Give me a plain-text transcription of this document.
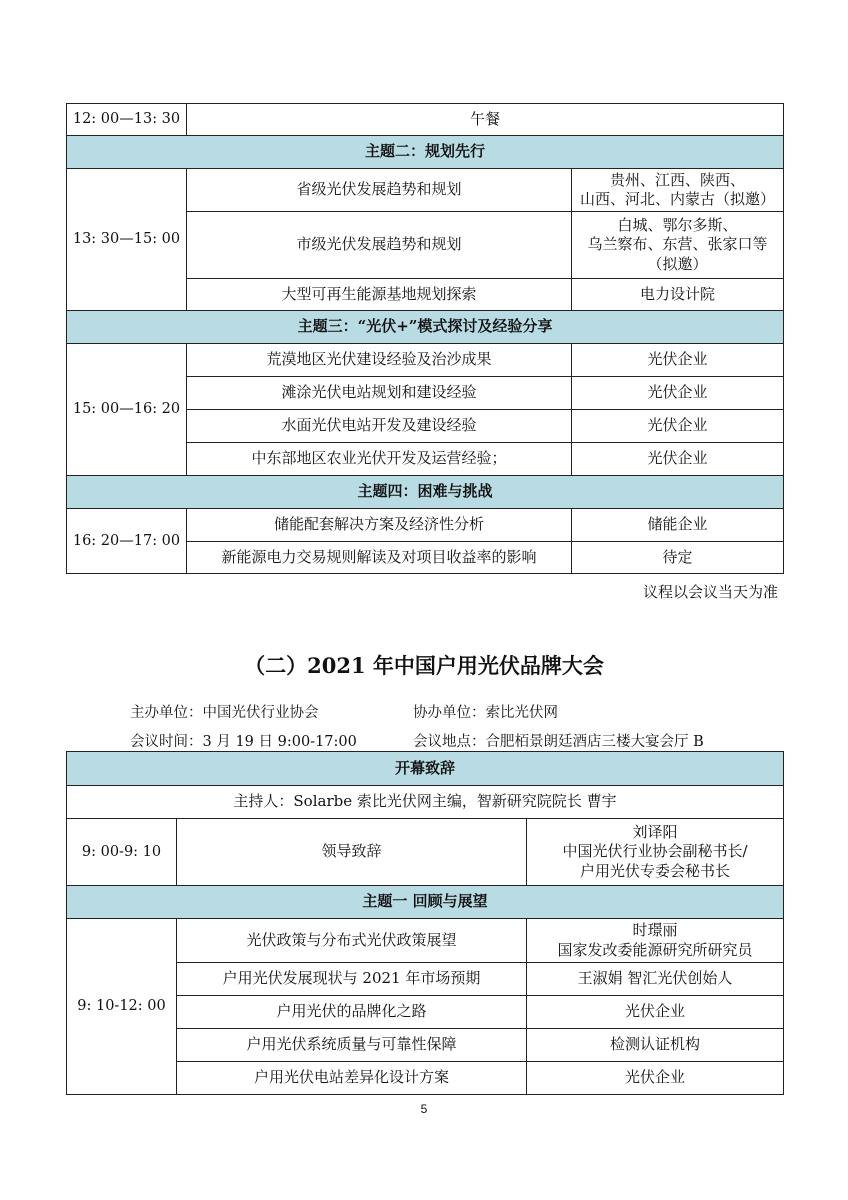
12: 00—13: 30	午餐	
主题二：规划先行		
13: 30—15: 00	省级光伏发展趋势和规划	贵州、江西、陕西、
山西、河北、内蒙古（拟邀）

	市级光伏发展趋势和规划	白城、鄂尔多斯、
乌兰察布、东营、张家口等
（拟邀）

	大型可再生能源基地规划探索	电力设计院
主题三：“光伏+”模式探讨及经验分享		
15: 00—16: 20	荒漠地区光伏建设经验及治沙成果	光伏企业
	滩涂光伏电站规划和建设经验	光伏企业
	水面光伏电站开发及建设经验	光伏企业
	中东部地区农业光伏开发及运营经验；	光伏企业
主题四：困难与挑战		
16: 20—17: 00	储能配套解决方案及经济性分析	储能企业
	新能源电力交易规则解读及对项目收益率的影响	待定
议程以会议当天为准
（二）2021 年中国户用光伏品牌大会
主办单位：中国光伏行业协会	协办单位：索比光伏网
会议时间：3 月 19 日 9:00-17:00	会议地点：合肥栢景朗廷酒店三楼大宴会厅 B
开幕致辞		
主持人：Solarbe 索比光伏网主编，智新研究院院长 曹宇		
9: 00-9: 10	领导致辞	刘译阳
中国光伏行业协会副秘书长/
户用光伏专委会秘书长

主题一 回顾与展望		
9: 10-12: 00	光伏政策与分布式光伏政策展望	时璟丽
国家发改委能源研究所研究员

	户用光伏发展现状与 2021 年市场预期	王淑娟 智汇光伏创始人
	户用光伏的品牌化之路	光伏企业
	户用光伏系统质量与可靠性保障	检测认证机构
	户用光伏电站差异化设计方案	光伏企业
5
